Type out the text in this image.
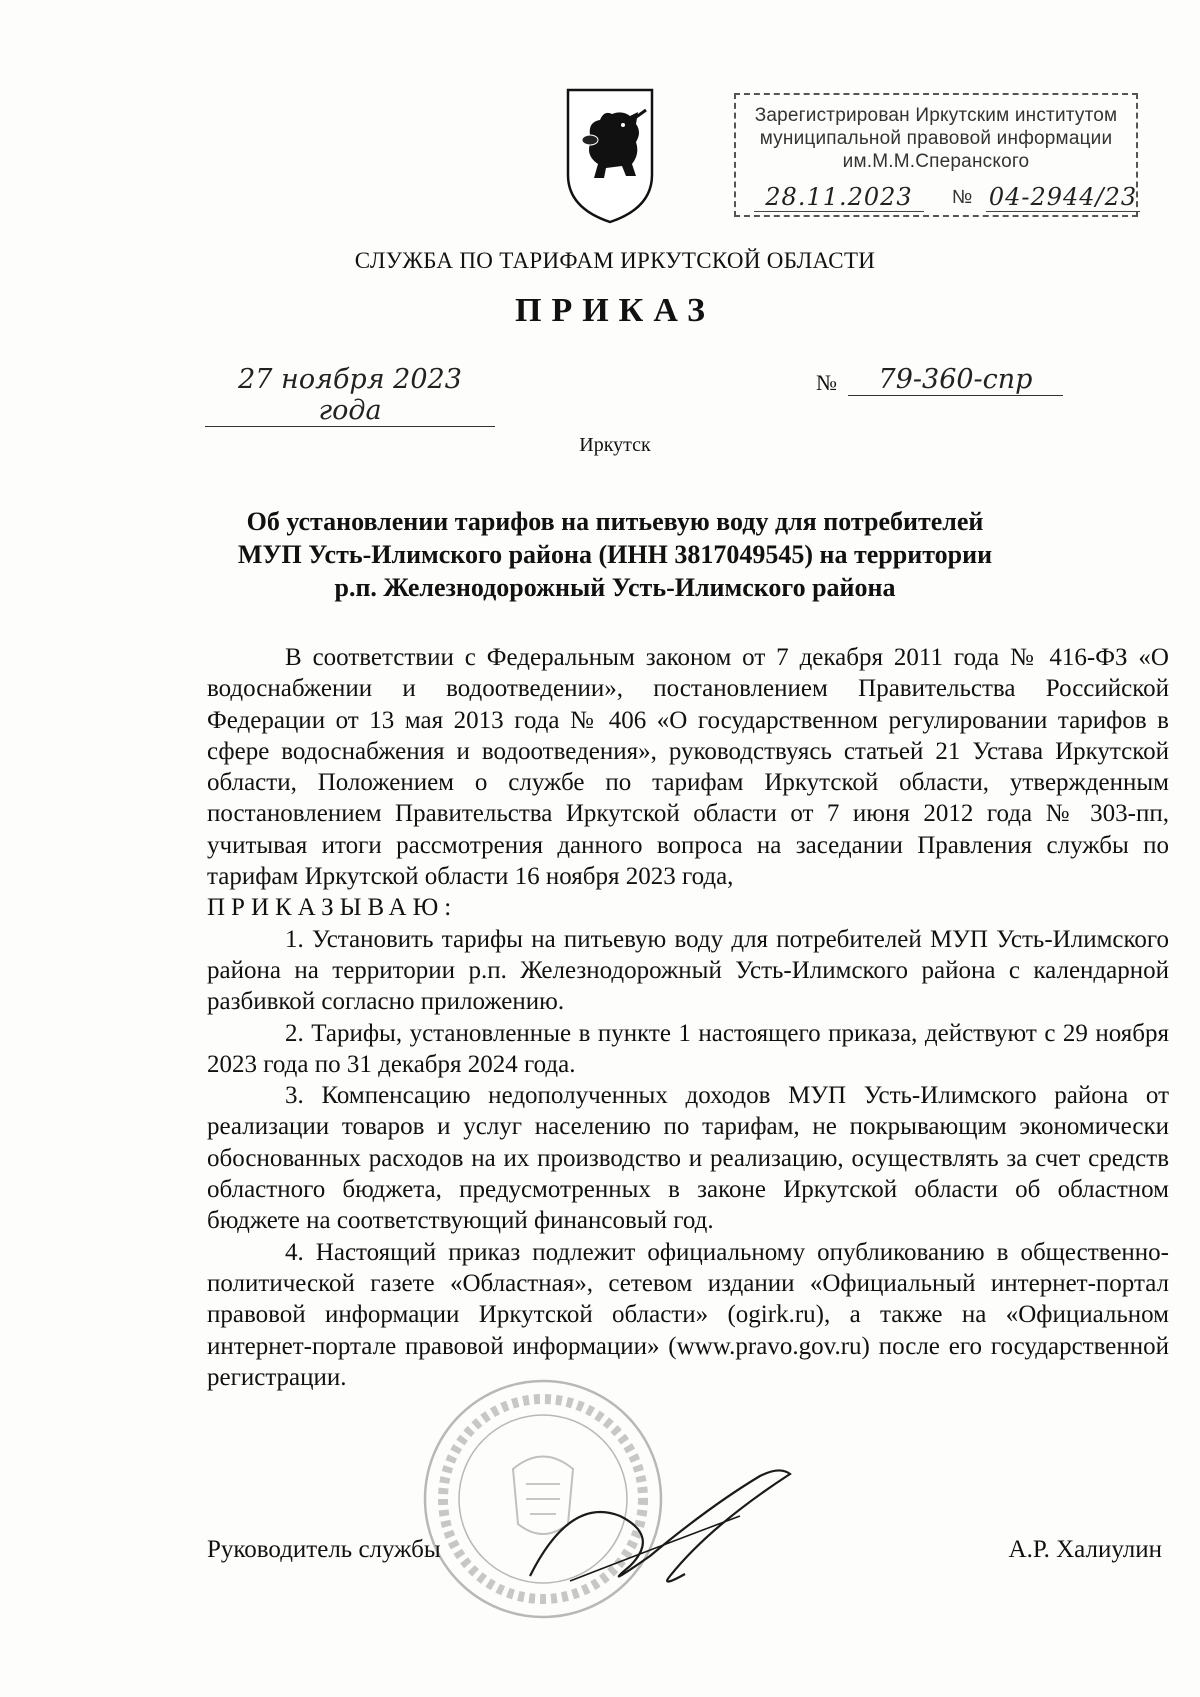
Зарегистрирован Иркутским институтом
муниципальной правовой информации
им.М.М.Сперанского
28.11.2023	№ 04-2944/23
СЛУЖБА ПО ТАРИФАМ ИРКУТСКОЙ ОБЛАСТИ
ПРИКАЗ
27 ноября 2023 года
№	79-360-спр
Иркутск
Об установлении тарифов на питьевую воду для потребителей
МУП Усть-Илимского района (ИНН 3817049545) на территории
р.п. Железнодорожный Усть-Илимского района

В соответствии с Федеральным законом от 7 декабря 2011 года № 416-ФЗ «О водоснабжении и водоотведении», постановлением Правительства Российской Федерации от 13 мая 2013 года № 406 «О государственном регулировании тарифов в сфере водоснабжения и водоотведения», руководствуясь статьей 21 Устава Иркутской области, Положением о службе по тарифам Иркутской области, утвержденным постановлением Правительства Иркутской области от 7 июня 2012 года № 303-пп, учитывая итоги рассмотрения данного вопроса на заседании Правления службы по тарифам Иркутской области 16 ноября 2023 года,

ПРИКАЗЫВАЮ:

1. Установить тарифы на питьевую воду для потребителей МУП Усть-Илимского района на территории р.п. Железнодорожный Усть-Илимского района с календарной разбивкой согласно приложению.

2. Тарифы, установленные в пункте 1 настоящего приказа, действуют с 29 ноября 2023 года по 31 декабря 2024 года.

3. Компенсацию недополученных доходов МУП Усть-Илимского района от реализации товаров и услуг населению по тарифам, не покрывающим экономически обоснованных расходов на их производство и реализацию, осуществлять за счет средств областного бюджета, предусмотренных в законе Иркутской области об областном бюджете на соответствующий финансовый год.

4. Настоящий приказ подлежит официальному опубликованию в общественно-политической газете «Областная», сетевом издании «Официальный интернет-портал правовой информации Иркутской области» (ogirk.ru), а также на «Официальном интернет-портале правовой информации» (www.pravo.gov.ru) после его государственной регистрации.

Руководитель службы	А.Р. Халиулин
